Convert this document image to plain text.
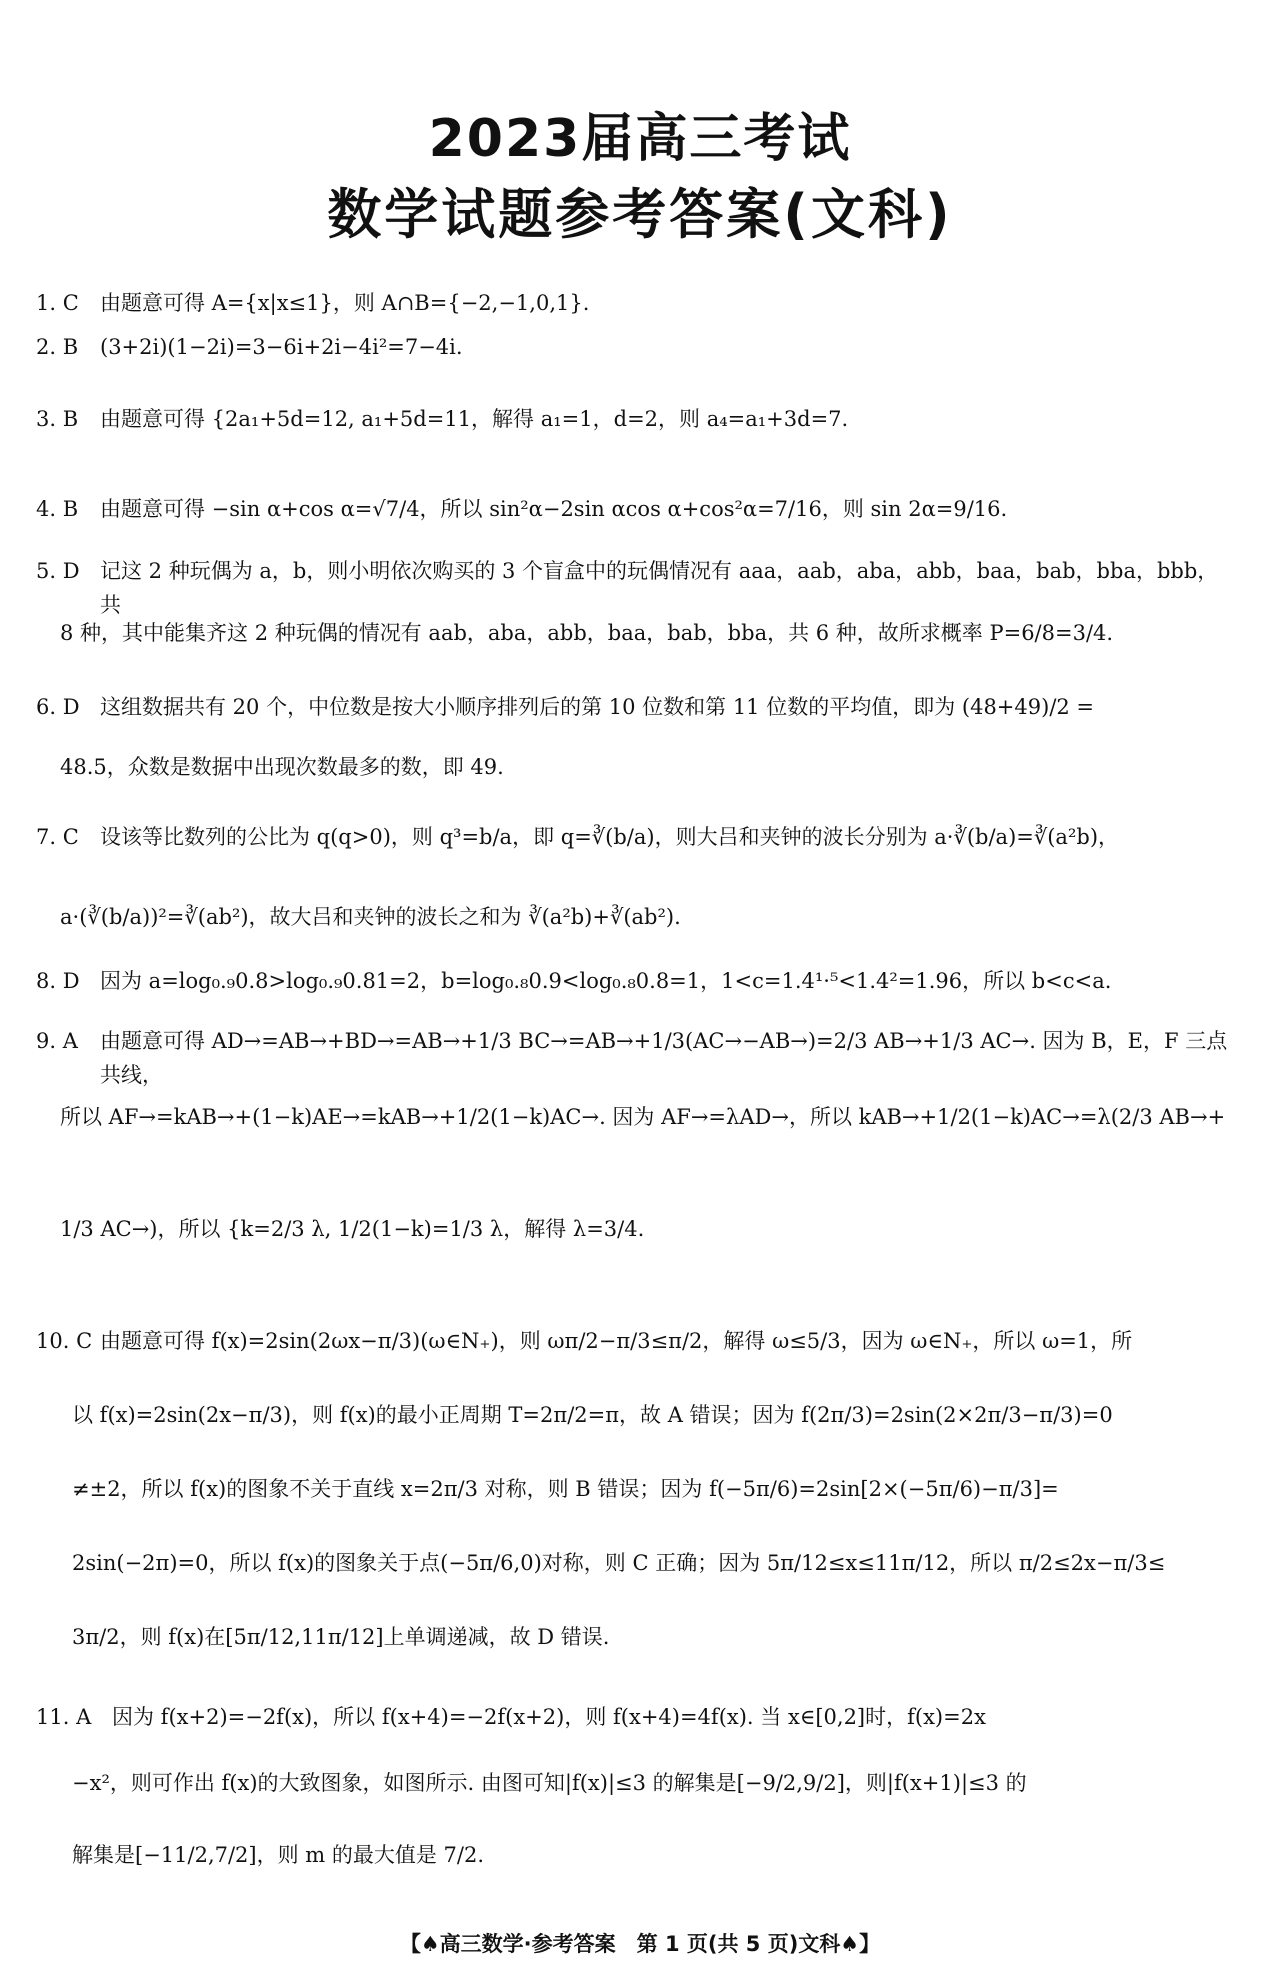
2023届高三考试
数学试题参考答案(文科)
1. C	由题意可得 A={x|x≤1}，则 A∩B={−2,−1,0,1}.
2. B	(3+2i)(1−2i)=3−6i+2i−4i²=7−4i.
3. B	由题意可得 {2a₁+5d=12, a₁+5d=11，解得 a₁=1，d=2，则 a₄=a₁+3d=7.
4. B	由题意可得 −sin α+cos α=√7/4，所以 sin²α−2sin αcos α+cos²α=7/16，则 sin 2α=9/16.
5. D 记这 2 种玩偶为 a，b，则小明依次购买的 3 个盲盒中的玩偶情况有 aaa，aab，aba，abb，baa，bab，bba，bbb，共
8 种，其中能集齐这 2 种玩偶的情况有 aab，aba，abb，baa，bab，bba，共 6 种，故所求概率 P=6/8=3/4.
6. D 这组数据共有 20 个，中位数是按大小顺序排列后的第 10 位数和第 11 位数的平均值，即为 (48+49)/2 =
48.5，众数是数据中出现次数最多的数，即 49.
7. C	设该等比数列的公比为 q(q>0)，则 q³=b/a，即 q=∛(b/a)，则大吕和夹钟的波长分别为 a·∛(b/a)=∛(a²b)，
a·(∛(b/a))²=∛(ab²)，故大吕和夹钟的波长之和为 ∛(a²b)+∛(ab²).
8. D 因为 a=log₀.₉0.8>log₀.₉0.81=2，b=log₀.₈0.9<log₀.₈0.8=1，1<c=1.4¹·⁵<1.4²=1.96，所以 b<c<a.
9. A	由题意可得 AD→=AB→+BD→=AB→+1/3 BC→=AB→+1/3(AC→−AB→)=2/3 AB→+1/3 AC→. 因为 B，E，F 三点共线，
所以 AF→=kAB→+(1−k)AE→=kAB→+1/2(1−k)AC→. 因为 AF→=λAD→，所以 kAB→+1/2(1−k)AC→=λ(2/3 AB→+
1/3 AC→)，所以 {k=2/3 λ, 1/2(1−k)=1/3 λ，解得 λ=3/4.
10. C 由题意可得 f(x)=2sin(2ωx−π/3)(ω∈N₊)，则 ωπ/2−π/3≤π/2，解得 ω≤5/3，因为 ω∈N₊，所以 ω=1，所
以 f(x)=2sin(2x−π/3)，则 f(x)的最小正周期 T=2π/2=π，故 A 错误；因为 f(2π/3)=2sin(2×2π/3−π/3)=0
≠±2，所以 f(x)的图象不关于直线 x=2π/3 对称，则 B 错误；因为 f(−5π/6)=2sin[2×(−5π/6)−π/3]=
2sin(−2π)=0，所以 f(x)的图象关于点(−5π/6,0)对称，则 C 正确；因为 5π/12≤x≤11π/12，所以 π/2≤2x−π/3≤
3π/2，则 f(x)在[5π/12,11π/12]上单调递减，故 D 错误.
11. A 因为 f(x+2)=−2f(x)，所以 f(x+4)=−2f(x+2)，则 f(x+4)=4f(x). 当 x∈[0,2]时，f(x)=2x
−x²，则可作出 f(x)的大致图象，如图所示. 由图可知|f(x)|≤3 的解集是[−9/2,9/2]，则|f(x+1)|≤3 的
解集是[−11/2,7/2]，则 m 的最大值是 7/2.
【♠高三数学·参考答案　第 1 页(共 5 页)文科♠】
